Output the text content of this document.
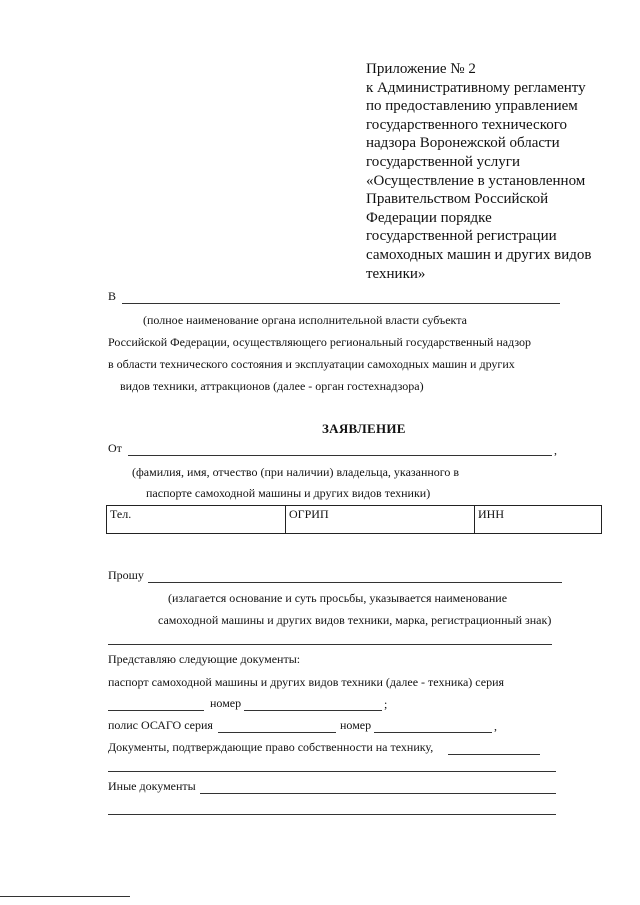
Приложение № 2
к Административному регламенту
по предоставлению управлением
государственного технического
надзора Воронежской области
государственной услуги
«Осуществление в установленном
Правительством Российской
Федерации порядке
государственной регистрации
самоходных машин и других видов
техники»
В
(полное наименование органа исполнительной власти субъекта
Российской Федерации, осуществляющего региональный государственный надзор
в области технического состояния и эксплуатации самоходных машин и других
видов техники, аттракционов (далее - орган гостехнадзора)
ЗАЯВЛЕНИЕ
От	,
(фамилия, имя, отчество (при наличии) владельца, указанного в
паспорте самоходной машины и других видов техники)
Тел.	ОГРИП	ИНН
Прошу
(излагается основание и суть просьбы, указывается наименование
самоходной машины и других видов техники, марка, регистрационный знак)
Представляю следующие документы:
паспорт самоходной машины и других видов техники (далее - техника) серия
номер	;
полис ОСАГО серия	номер	,
Документы, подтверждающие право собственности на технику,
Иные документы
